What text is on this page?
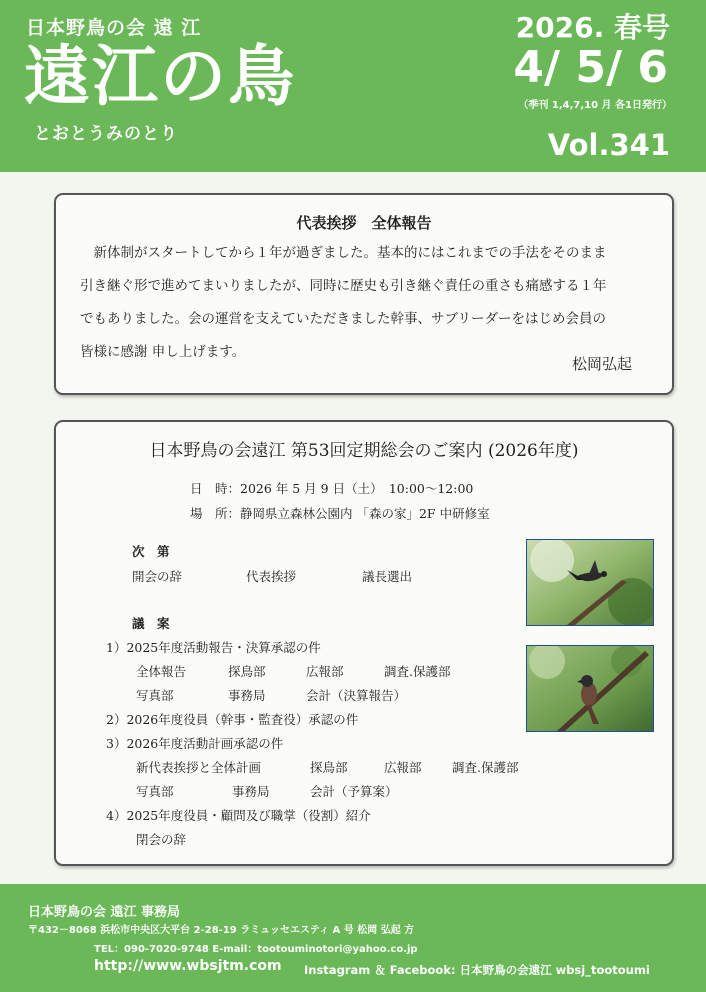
日本野鳥の会 遠 江
遠江の鳥
とおとうみのとり
2026. 春号
4/ 5/ 6
（季刊 1,4,7,10 月 各1日発行）
Vol.341
代表挨拶　全体報告
　新体制がスタートしてから１年が過ぎました。基本的にはこれまでの手法をそのまま
引き継ぐ形で進めてまいりましたが、同時に歴史も引き継ぐ責任の重さも痛感する１年
でもありました。会の運営を支えていただきました幹事、サブリーダーをはじめ会員の
皆様に感謝 申し上げます。
松岡弘起
日本野鳥の会遠江 第53回定期総会のご案内 (2026年度)
日　時：2026 年 5 月 9 日（土）　10:00〜12:00
場　所：静岡県立森林公園内 「森の家」2F 中研修室
次　第
開会の辞	代表挨拶	議長選出
議　案
1）2025年度活動報告・決算承認の件
全体報告	探鳥部	広報部	調査.保護部
写真部	事務局	会計（決算報告）
2）2026年度役員（幹事・監査役）承認の件
3）2026年度活動計画承認の件
新代表挨拶と全体計画	探鳥部	広報部 調査.保護部
写真部	事務局	会計（予算案）
4）2025年度役員・顧問及び職掌（役割）紹介
閉会の辞
日本野鳥の会 遠江 事務局
〒432－8068 浜松市中央区大平台 2-28-19 ラミュッセエスティ A 号 松岡 弘起 方
TEL：090-7020-9748 E-mail：tootouminotori@yahoo.co.jp
http://www.wbsjtm.com Instagram ＆ Facebook: 日本野鳥の会遠江 wbsj_tootoumi
